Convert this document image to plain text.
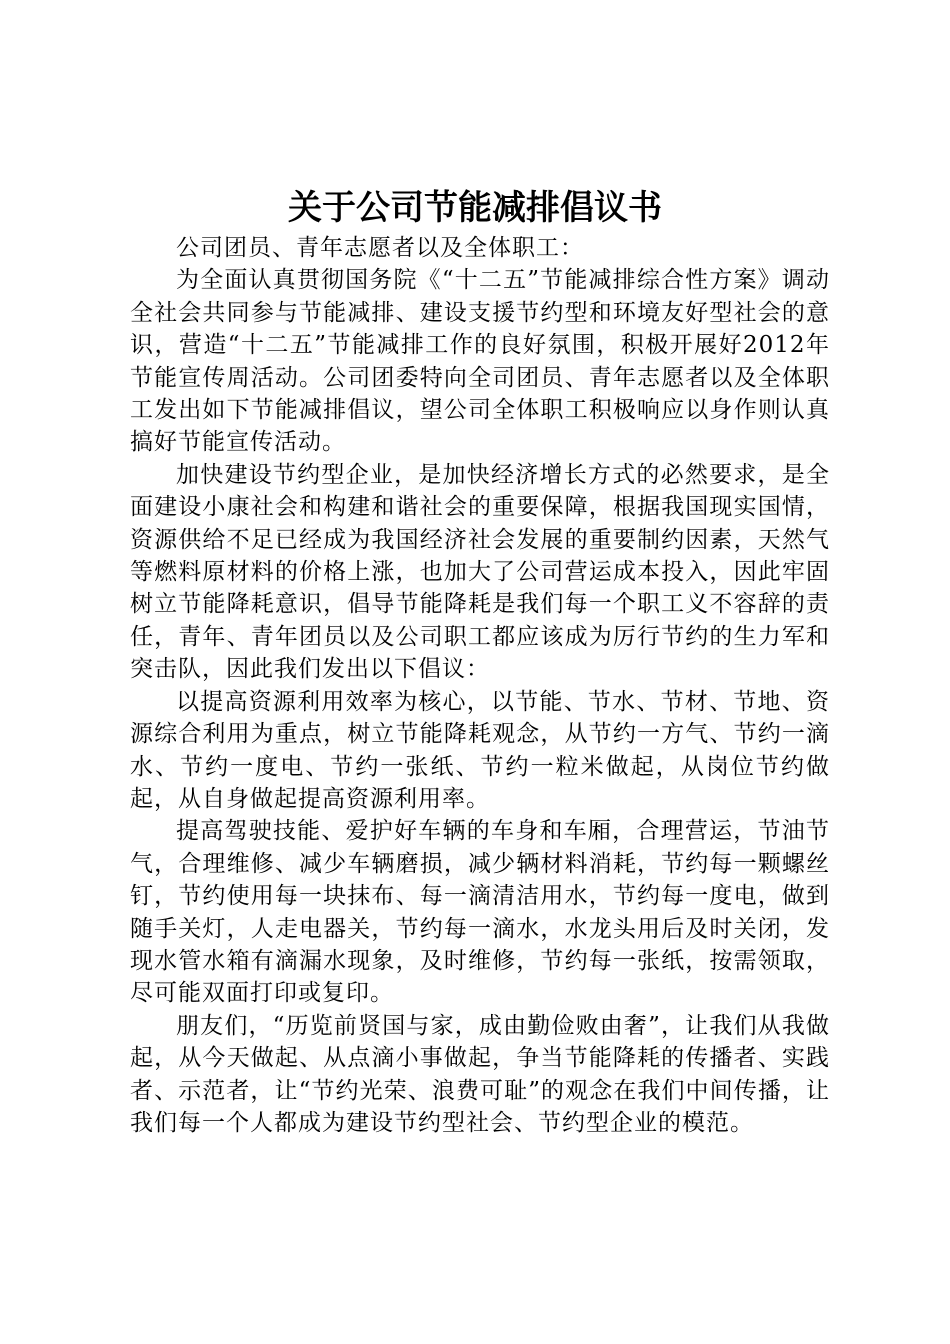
关于公司节能减排倡议书

公司团员、青年志愿者以及全体职工：

为全面认真贯彻国务院《“十二五”节能减排综合性方案》调动全社会共同参与节能减排、建设支援节约型和环境友好型社会的意识，营造“十二五”节能减排工作的良好氛围，积极开展好2012年节能宣传周活动。公司团委特向全司团员、青年志愿者以及全体职工发出如下节能减排倡议，望公司全体职工积极响应以身作则认真搞好节能宣传活动。

加快建设节约型企业，是加快经济增长方式的必然要求，是全面建设小康社会和构建和谐社会的重要保障，根据我国现实国情，资源供给不足已经成为我国经济社会发展的重要制约因素，天然气等燃料原材料的价格上涨，也加大了公司营运成本投入，因此牢固树立节能降耗意识，倡导节能降耗是我们每一个职工义不容辞的责任，青年、青年团员以及公司职工都应该成为厉行节约的生力军和突击队，因此我们发出以下倡议：

以提高资源利用效率为核心，以节能、节水、节材、节地、资源综合利用为重点，树立节能降耗观念，从节约一方气、节约一滴水、节约一度电、节约一张纸、节约一粒米做起，从岗位节约做起，从自身做起提高资源利用率。

提高驾驶技能、爱护好车辆的车身和车厢，合理营运，节油节气，合理维修、减少车辆磨损，减少辆材料消耗，节约每一颗螺丝钉，节约使用每一块抹布、每一滴清洁用水，节约每一度电，做到随手关灯，人走电器关，节约每一滴水，水龙头用后及时关闭，发现水管水箱有滴漏水现象，及时维修，节约每一张纸，按需领取，尽可能双面打印或复印。

朋友们，“历览前贤国与家，成由勤俭败由奢”，让我们从我做起，从今天做起、从点滴小事做起，争当节能降耗的传播者、实践者、示范者，让“节约光荣、浪费可耻”的观念在我们中间传播，让我们每一个人都成为建设节约型社会、节约型企业的模范。
